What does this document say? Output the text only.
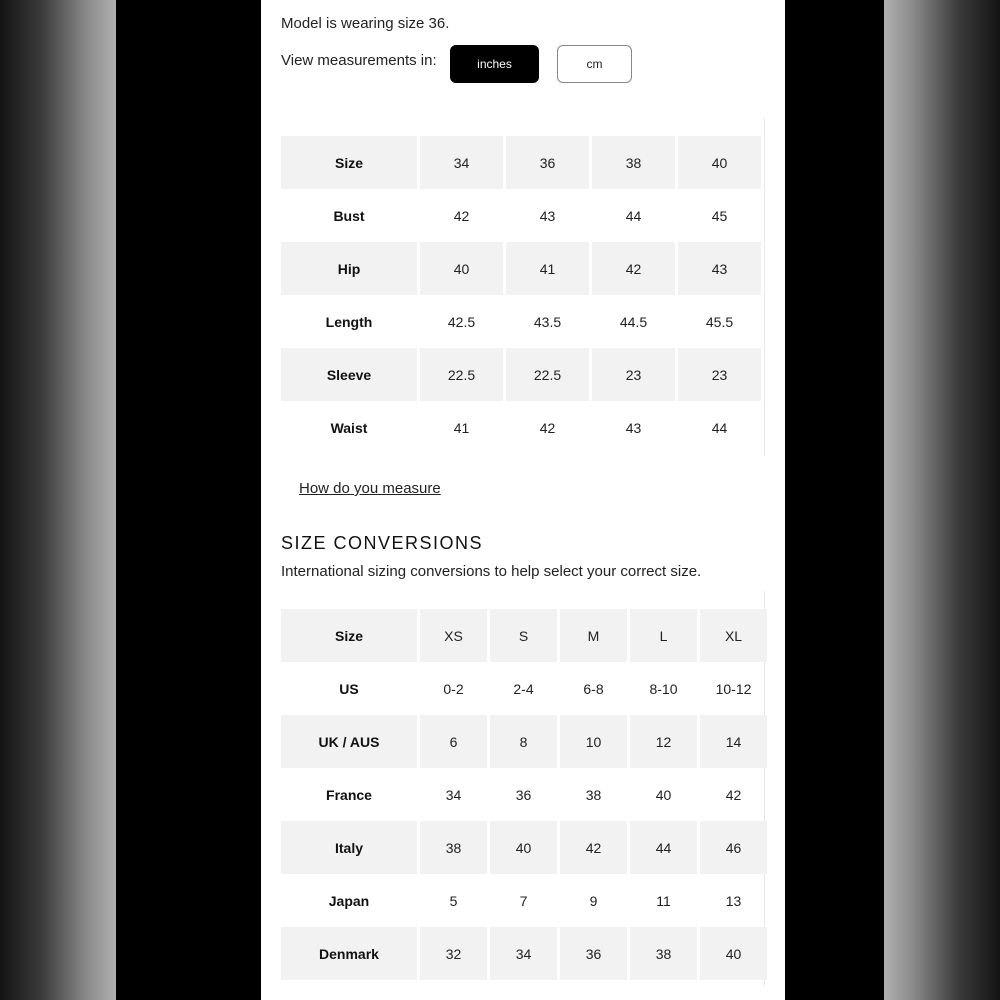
Model is wearing size 36.
View measurements in:	inches	cm
Size	34	36	38	40
Bust	42	43	44	45
Hip	40	41	42	43
Length	42.5	43.5	44.5	45.5
Sleeve	22.5	22.5	23	23
Waist	41	42	43	44
How do you measure
SIZE CONVERSIONS
International sizing conversions to help select your correct size.
Size	XS	S	M	L	XL
US	0-2	2-4	6-8	8-10	10-12
UK / AUS	6	8	10	12	14
France	34	36	38	40	42
Italy	38	40	42	44	46
Japan	5	7	9	11	13
Denmark	32	34	36	38	40
